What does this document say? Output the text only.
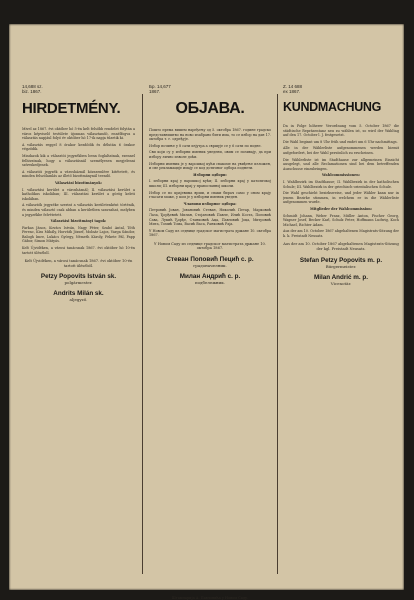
14,688 sz.
biz. 1867.
HIRDETMÉNY.

Mivel az 1867. évi október hó 5-én kelt felsőbb rendelet folytán a város képviselő testülete újonnan választandó, ennélfogva a választás napjául folyó év október hó 17-ik napja tűzetik ki.

A választás reggel 8 órakor kezdődik és délután 6 órakor végződik.

Mindazok kik a választói jegyzékben benn foglaltatnak, ezennel felhivatnak, hogy a választásnál személyesen megjelenni szíveskedjenek.

A választói jegyzék a városháznál közszemlére kitétetett, és minden felszólamlás az illető bizottmánynál teendő.

Választási bizottmányok:

I. választási kerület a városháznál; II. választási kerület a katholikus iskolában; III. választási kerület a görög keleti iskolában.

A választók jegyzéke szerint a választás kerületenként történik, és minden választó csak abban a kerületben szavazhat, melyben a jegyzékbe felvétetett.

Választási bizottmányi tagok:

Farkas János, Kovács István, Nagy Péter, Szabó Antal, Tóth Ferenc, Kiss Mihály, Horváth József, Molnár Lajos, Varga Sándor, Balogh Imre, Lukács György, Németh Károly, Fekete Pál, Papp Gábor, Simon Mátyás.

Kelt Újvidéken, a városi tanácsnak 1867. évi október hó 10-én tartott üléséből.

Kelt Újvidéken, a városi tanácsnak 1867. évi október 10-én tartott üléséből.
Petzy Popovits István sk.
polgármester.
Andrits Milán sk.
aljegyző.
Бр. 14,677
1867.
ОБЈАВА.

Пошто према вишем наређењу од 5. октобра 1867. године градско представништво на ново изабрано бити има, то се избор на дан 17. октобра т. г. одређује.

Избор почиње у 8 сати изјутра а свршује се у 6 сати по подне.

Сви који су у изборни именик уведени, овим се позивају, да при избору лично изволе доћи.

Изборни именик је у варошкој кући свакоме на увиђење изложен, и све рекламације имају се код дотичног одбора поднети.

Изборни одбори:

I. изборни крај у варошкој кући; II. изборни крај у католичкој школи; III. изборни крај у православној школи.

Избор се по крајевима врши, и сваки бирач само у оном крају гласати може, у ком је у изборни именик уведен.

Чланови изборног одбора:

Петровић Јован, Јовановић Стеван, Николић Петар, Марковић Лаза, Ђорђевић Милан, Стојановић Павле, Илић Коста, Поповић Сава, Лукић Ђорђе, Станковић Аца, Павловић Јоца, Митровић Мита, Томић Тома, Васић Васа, Ранковић Раја.

У Новом Саду из седнице градског магистрата држане 10. октобра 1867.

У Новом Саду из седнице градског магистрата држане 10. октобра 1867.
Стеван Поповић Пецић с. р.
градоначелник.
Милан Андрић с. р.
подбележник.
Z. 14 688
ex 1867.
KUNDMACHUNG

Da in Folge höherer Verordnung vom 5. October 1867 die städtische Repräsentanz neu zu wählen ist, so wird der Wahltag auf den 17. October l. J. festgesetzt.

Die Wahl beginnt um 8 Uhr früh und endet um 6 Uhr nachmittags.

Alle in der Wählerliste aufgenommenen werden hiemit aufgefordert, bei der Wahl persönlich zu erscheinen.

Die Wählerliste ist im Stadthause zur allgemeinen Einsicht ausgelegt, und alle Reclamationen sind bei dem betreffenden Ausschusse einzubringen.

Wahlcommissionen:

I. Wahlbezirk im Stadthause; II. Wahlbezirk in der katholischen Schule; III. Wahlbezirk in der griechisch-orientalischen Schule.

Die Wahl geschieht bezirksweise, und jeder Wähler kann nur in jenem Bezirke stimmen, in welchem er in die Wählerliste aufgenommen wurde.

Mitglieder der Wahlcommission:

Schmidt Johann, Weber Franz, Müller Anton, Fischer Georg, Wagner Josef, Becker Karl, Schulz Peter, Hoffmann Ludwig, Koch Michael, Richter Adam.

Aus der am 10. October 1867 abgehaltenen Magistrats-Sitzung der k. k. Freistadt Neusatz.

Aus der am 10. October 1867 abgehaltenen Magistrats-Sitzung der kgl. Freistadt Neusatz.
Stefan Petzy Popovits m. p.
Bürgermeister.
Milan Andrić m. p.
Vicenotär.
Штампарија А. Павловића у Новом Саду.
